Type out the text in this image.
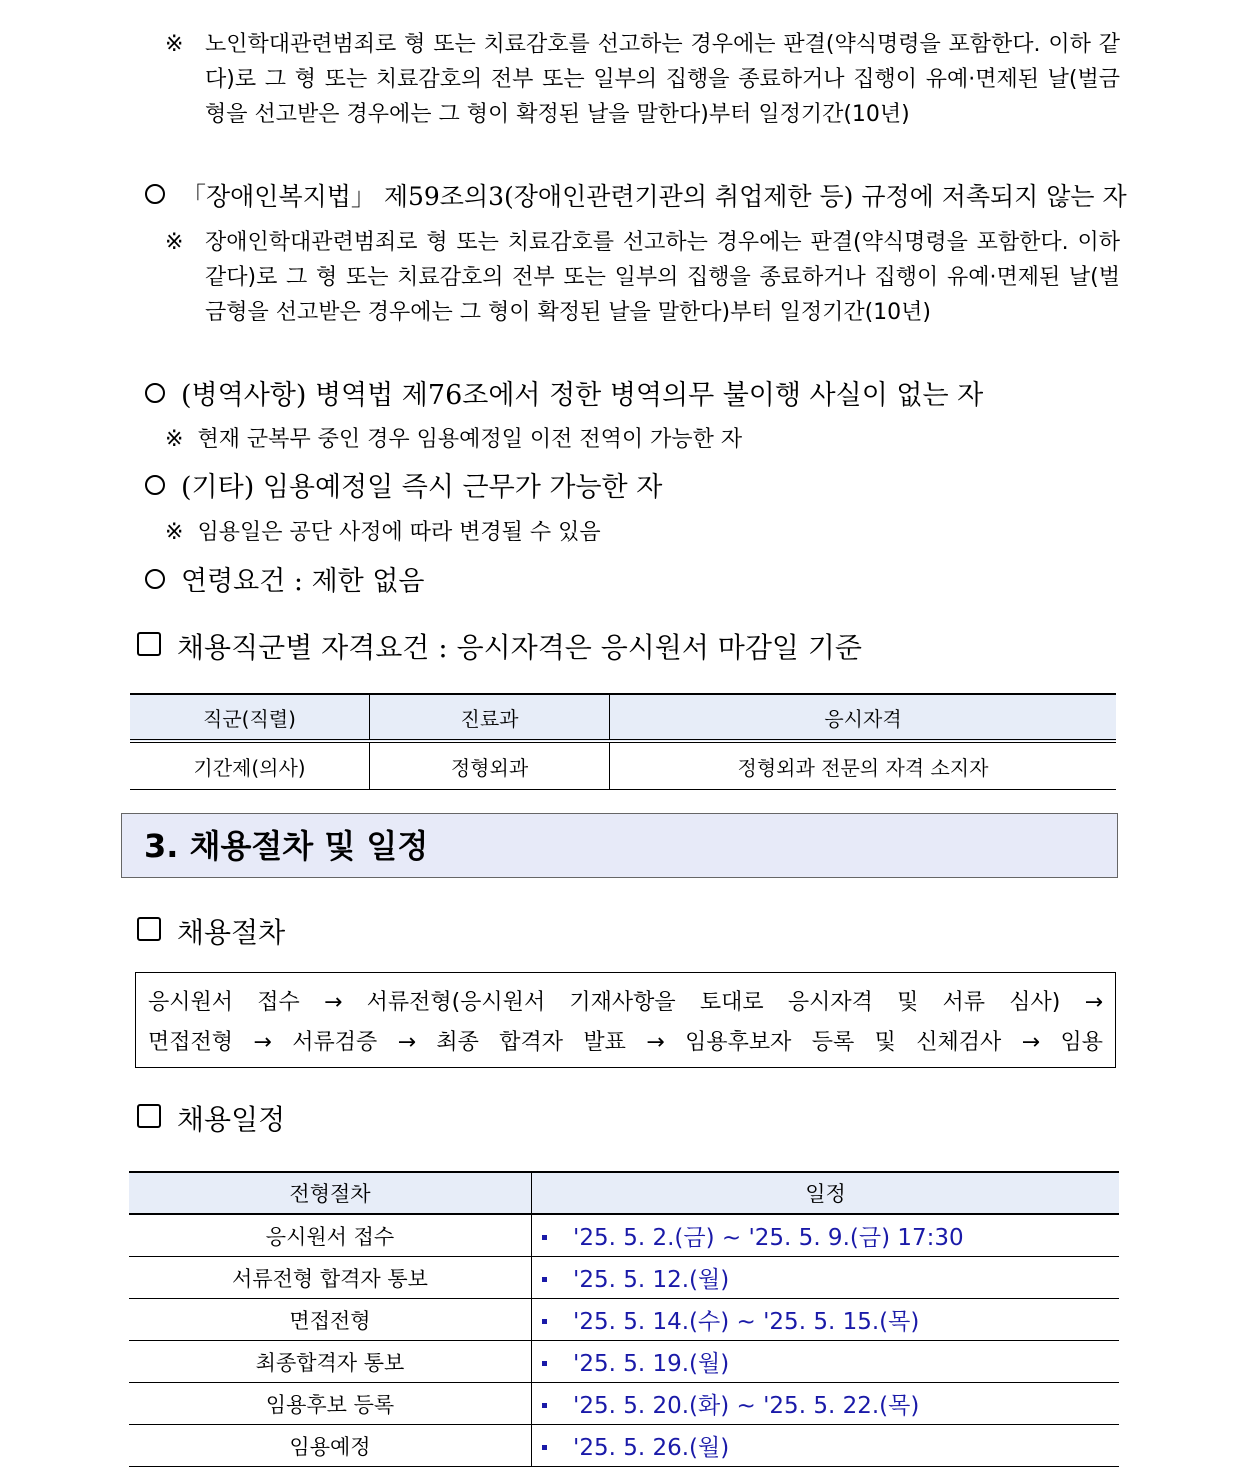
※ 노인학대관련범죄로 형 또는 치료감호를 선고하는 경우에는 판결(약식명령을 포함한다. 이하 같다)로 그 형 또는 치료감호의 전부 또는 일부의 집행을 종료하거나 집행이 유예·면제된 날(벌금형을 선고받은 경우에는 그 형이 확정된 날을 말한다)부터 일정기간(10년)
「장애인복지법」 제59조의3(장애인관련기관의 취업제한 등) 규정에 저촉되지 않는 자
※ 장애인학대관련범죄로 형 또는 치료감호를 선고하는 경우에는 판결(약식명령을 포함한다. 이하 같다)로 그 형 또는 치료감호의 전부 또는 일부의 집행을 종료하거나 집행이 유예·면제된 날(벌금형을 선고받은 경우에는 그 형이 확정된 날을 말한다)부터 일정기간(10년)
(병역사항) 병역법 제76조에서 정한 병역의무 불이행 사실이 없는 자
※ 현재 군복무 중인 경우 임용예정일 이전 전역이 가능한 자
(기타) 임용예정일 즉시 근무가 가능한 자
※ 임용일은 공단 사정에 따라 변경될 수 있음
연령요건 : 제한 없음
채용직군별 자격요건 : 응시자격은 응시원서 마감일 기준
직군(직렬)	진료과	응시자격
기간제(의사)	정형외과	정형외과 전문의 자격 소지자
3. 채용절차 및 일정
채용절차
응시원서 접수 → 서류전형(응시원서 기재사항을 토대로 응시자격 및 서류 심사) →
면접전형 → 서류검증 → 최종 합격자 발표 → 임용후보자 등록 및 신체검사 → 임용
채용일정
전형절차	일정
응시원서 접수	'25. 5. 2.(금) ~ '25. 5. 9.(금) 17:30
서류전형 합격자 통보	'25. 5. 12.(월)
면접전형	'25. 5. 14.(수) ~ '25. 5. 15.(목)
최종합격자 통보	'25. 5. 19.(월)
임용후보 등록	'25. 5. 20.(화) ~ '25. 5. 22.(목)
임용예정	'25. 5. 26.(월)
